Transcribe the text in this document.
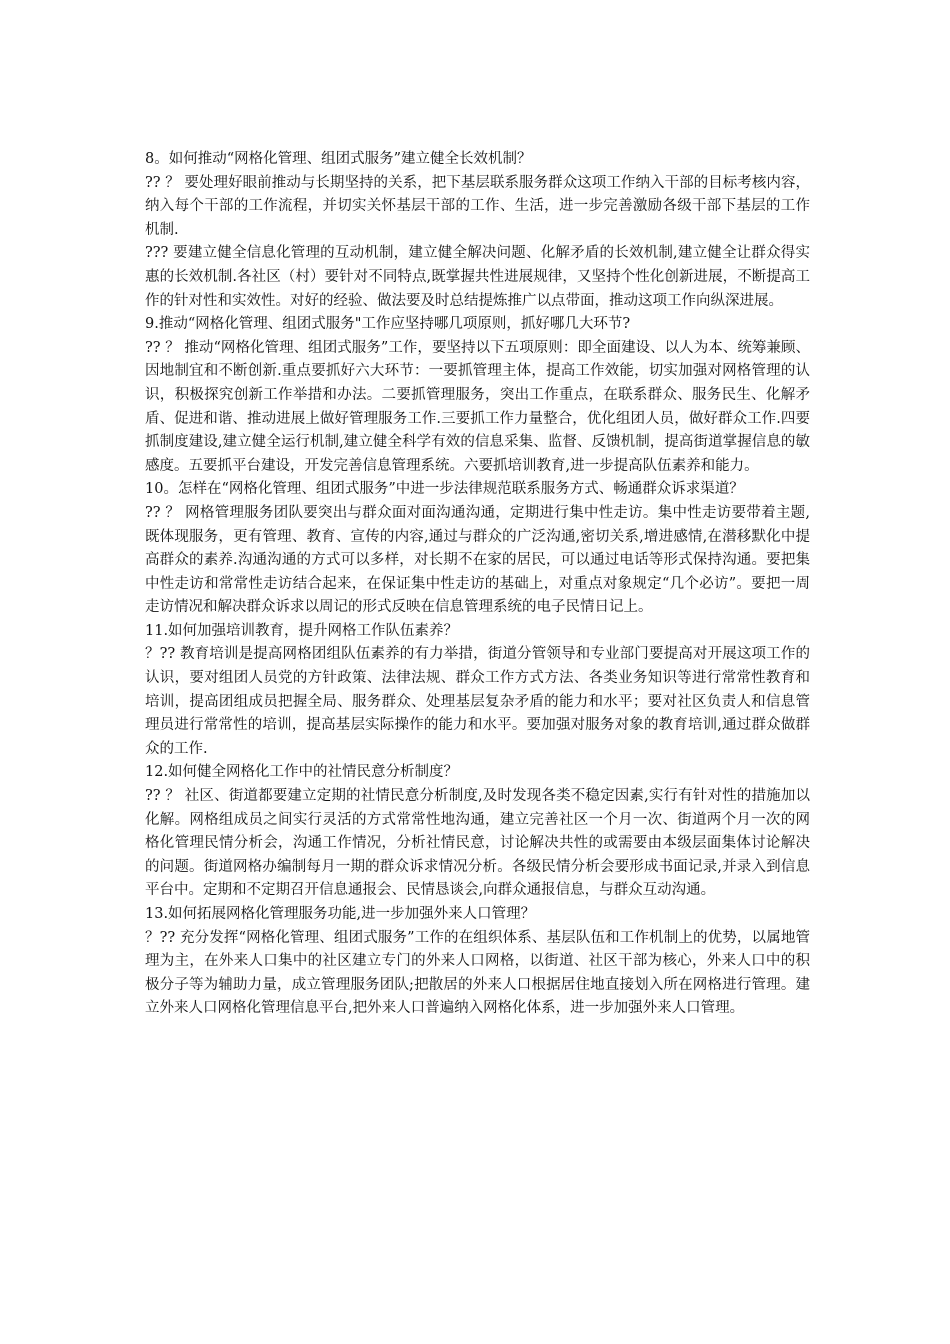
8。如何推动“网格化管理、组团式服务”建立健全长效机制？

?? ？ 要处理好眼前推动与长期坚持的关系，把下基层联系服务群众这项工作纳入干部的目标考核内容，纳入每个干部的工作流程，并切实关怀基层干部的工作、生活，进一步完善激励各级干部下基层的工作机制.

??? 要建立健全信息化管理的互动机制，建立健全解决问题、化解矛盾的长效机制,建立健全让群众得实惠的长效机制.各社区（村）要针对不同特点,既掌握共性进展规律，又坚持个性化创新进展，不断提高工作的针对性和实效性。对好的经验、做法要及时总结提炼推广以点带面，推动这项工作向纵深进展。

9.推动“网格化管理、组团式服务"工作应坚持哪几项原则，抓好哪几大环节?

?? ？ 推动“网格化管理、组团式服务”工作，要坚持以下五项原则：即全面建设、以人为本、统筹兼顾、因地制宜和不断创新.重点要抓好六大环节：一要抓管理主体，提高工作效能，切实加强对网格管理的认识，积极探究创新工作举措和办法。二要抓管理服务，突出工作重点，在联系群众、服务民生、化解矛盾、促进和谐、推动进展上做好管理服务工作.三要抓工作力量整合，优化组团人员，做好群众工作.四要抓制度建设,建立健全运行机制,建立健全科学有效的信息采集、监督、反馈机制，提高街道掌握信息的敏感度。五要抓平台建设，开发完善信息管理系统。六要抓培训教育,进一步提高队伍素养和能力。

10。怎样在“网格化管理、组团式服务”中进一步法律规范联系服务方式、畅通群众诉求渠道？

?? ？ 网格管理服务团队要突出与群众面对面沟通沟通，定期进行集中性走访。集中性走访要带着主题,既体现服务，更有管理、教育、宣传的内容,通过与群众的广泛沟通,密切关系,增进感情,在潜移默化中提高群众的素养.沟通沟通的方式可以多样，对长期不在家的居民，可以通过电话等形式保持沟通。要把集中性走访和常常性走访结合起来，在保证集中性走访的基础上，对重点对象规定“几个必访”。要把一周走访情况和解决群众诉求以周记的形式反映在信息管理系统的电子民情日记上。

11.如何加强培训教育，提升网格工作队伍素养？

？?? 教育培训是提高网格团组队伍素养的有力举措，街道分管领导和专业部门要提高对开展这项工作的认识，要对组团人员党的方针政策、法律法规、群众工作方式方法、各类业务知识等进行常常性教育和培训，提高团组成员把握全局、服务群众、处理基层复杂矛盾的能力和水平；要对社区负责人和信息管理员进行常常性的培训，提高基层实际操作的能力和水平。要加强对服务对象的教育培训,通过群众做群众的工作.

12.如何健全网格化工作中的社情民意分析制度？

?? ？ 社区、街道都要建立定期的社情民意分析制度,及时发现各类不稳定因素,实行有针对性的措施加以化解。网格组成员之间实行灵活的方式常常性地沟通，建立完善社区一个月一次、街道两个月一次的网格化管理民情分析会，沟通工作情况，分析社情民意，讨论解决共性的或需要由本级层面集体讨论解决的问题。街道网格办编制每月一期的群众诉求情况分析。各级民情分析会要形成书面记录,并录入到信息平台中。定期和不定期召开信息通报会、民情恳谈会,向群众通报信息，与群众互动沟通。

13.如何拓展网格化管理服务功能,进一步加强外来人口管理？

？?? 充分发挥“网格化管理、组团式服务”工作的在组织体系、基层队伍和工作机制上的优势，以属地管理为主，在外来人口集中的社区建立专门的外来人口网格，以街道、社区干部为核心，外来人口中的积极分子等为辅助力量，成立管理服务团队;把散居的外来人口根据居住地直接划入所在网格进行管理。建立外来人口网格化管理信息平台,把外来人口普遍纳入网格化体系，进一步加强外来人口管理。
